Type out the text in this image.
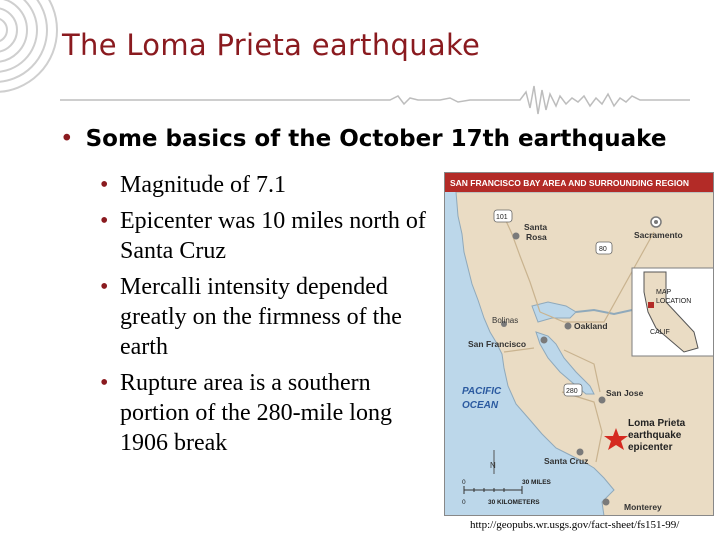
The Loma Prieta earthquake
• Some basics of the October 17th earthquake
• Magnitude of 7.1
• Epicenter was 10 miles north of Santa Cruz
• Mercalli intensity depended greatly on the firmness of the earth
• Rupture area is a southern portion of the 280-mile long 1906 break
SAN FRANCISCO BAY AREA AND SURROUNDING REGION
MAP
LOCATION
CALIF
101
80
280
Santa
Rosa	Sacramento
Bolinas
Oakland
San Francisco
San Jose
Santa Cruz
Monterey
PACIFIC
OCEAN
Loma Prieta
earthquake
epicenter
N
0	30 MILES
0	30 KILOMETERS
http://geopubs.wr.usgs.gov/fact-sheet/fs151-99/
